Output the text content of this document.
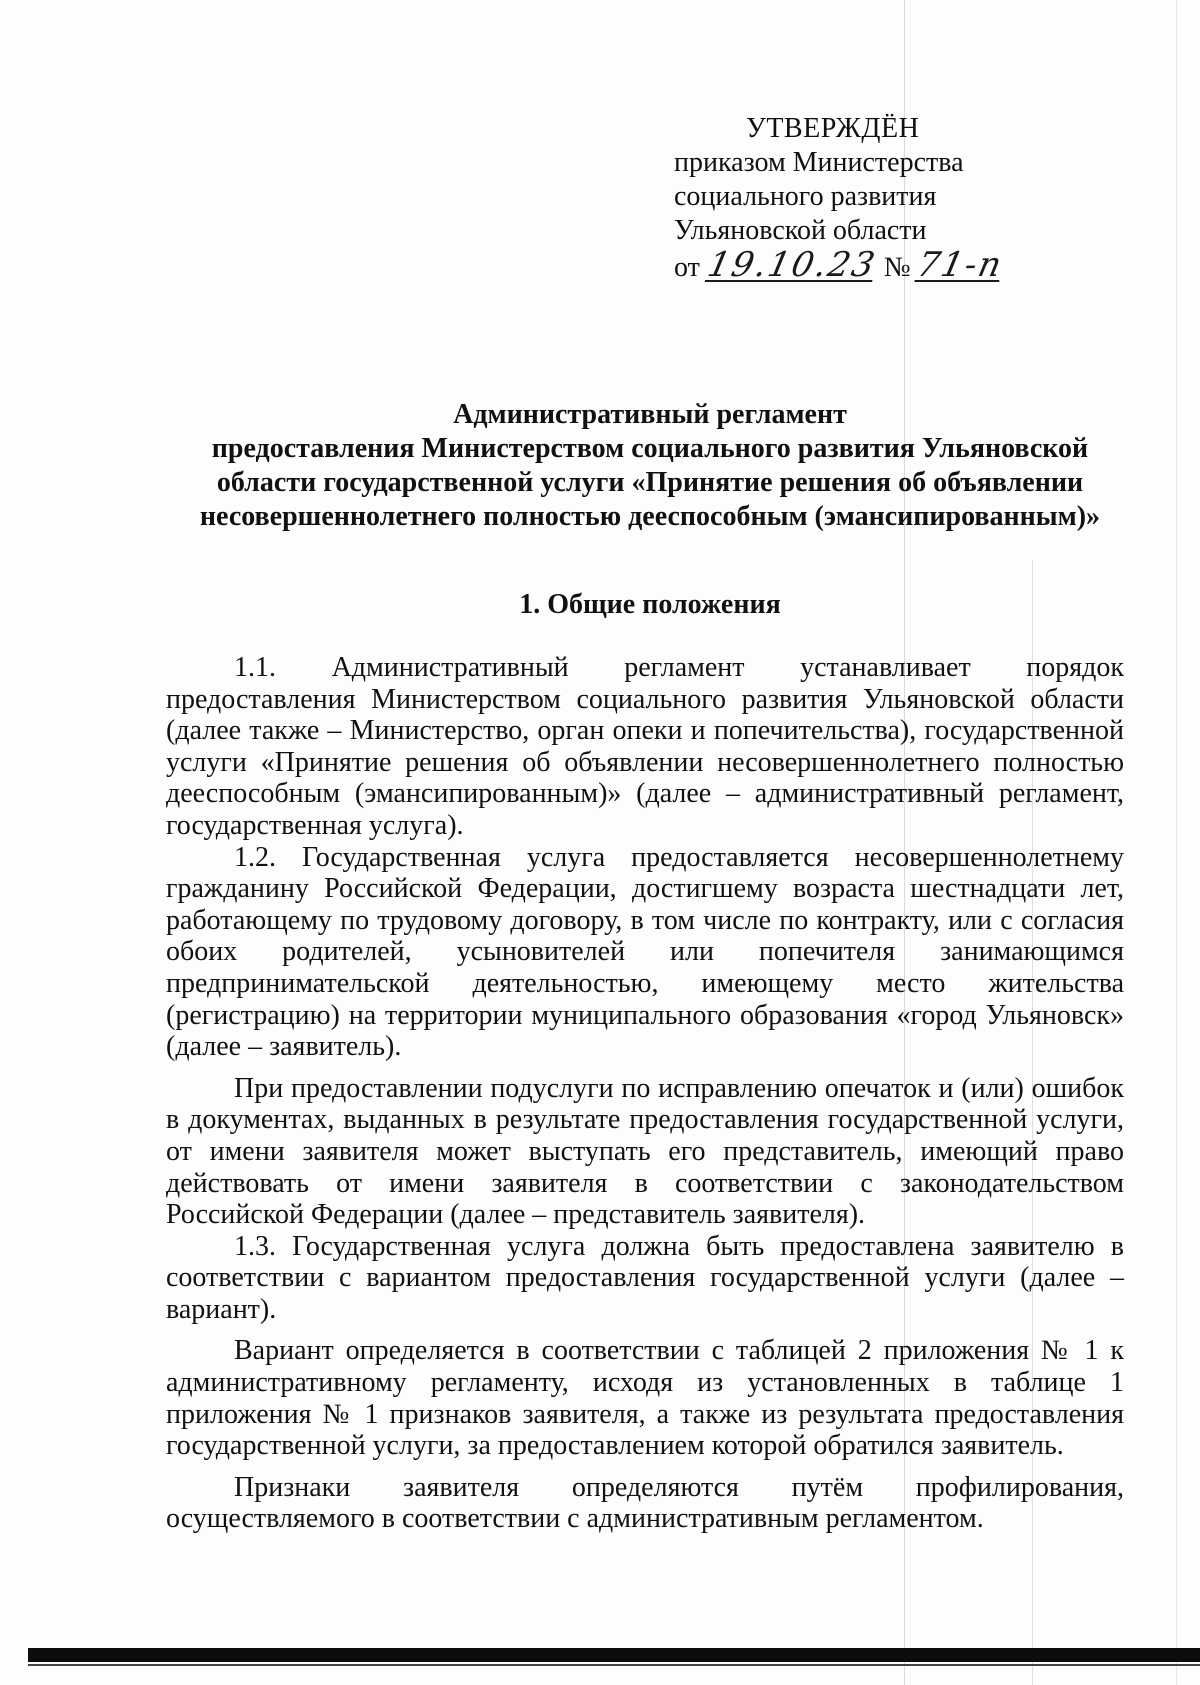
УТВЕРЖДЁН
приказом Министерства
социального развития
Ульяновской области
от 19.10.23 № 71-п
Административный регламент
предоставления Министерством социального развития Ульяновской
области государственной услуги «Принятие решения об объявлении
несовершеннолетнего полностью дееспособным (эмансипированным)»
1. Общие положения

1.1. Административный регламент устанавливает порядок предоставления Министерством социального развития Ульяновской области (далее также – Министерство, орган опеки и попечительства), государственной услуги «Принятие решения об объявлении несовершеннолетнего полностью дееспособным (эмансипированным)» (далее – административный регламент, государственная услуга).

1.2. Государственная услуга предоставляется несовершеннолетнему гражданину Российской Федерации, достигшему возраста шестнадцати лет, работающему по трудовому договору, в том числе по контракту, или с согласия обоих родителей, усыновителей или попечителя занимающимся предпринимательской деятельностью, имеющему место жительства (регистрацию) на территории муниципального образования «город Ульяновск» (далее – заявитель).

При предоставлении подуслуги по исправлению опечаток и (или) ошибок в документах, выданных в результате предоставления государственной услуги, от имени заявителя может выступать его представитель, имеющий право действовать от имени заявителя в соответствии с законодательством Российской Федерации (далее – представитель заявителя).

1.3. Государственная услуга должна быть предоставлена заявителю в соответствии с вариантом предоставления государственной услуги (далее – вариант).

Вариант определяется в соответствии с таблицей 2 приложения № 1 к административному регламенту, исходя из установленных в таблице 1 приложения № 1 признаков заявителя, а также из результата предоставления государственной услуги, за предоставлением которой обратился заявитель.

Признаки заявителя определяются путём профилирования, осуществляемого в соответствии с административным регламентом.
